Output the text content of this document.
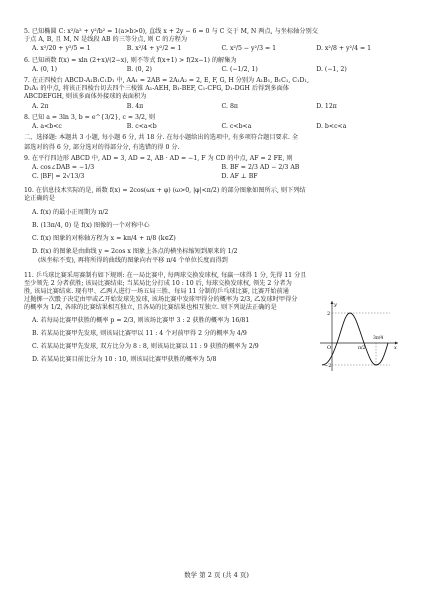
5. 已知椭圆 C: x²/a² + y²/b² = 1(a>b>0), 直线 x + 2y − 6 = 0 与 C 交于 M, N 两点, 与坐标轴分别交
于点 A, B, 且 M, N 是线段 AB 的三等分点, 则 C 的方程为
A. x²/20 + y²/5 = 1	B. x²/4 + y²/2 = 1	C. x²/5 − y²/3 = 1	D. x²/8 + y²/4 = 1
6. 已知函数 f(x) = xln (2+x)/(2−x), 则不等式 f(x+1) > f(2x−1) 的解集为
A. (0, 1)	B. (0, 2)	C. (−1/2, 1)	D. (−1, 2)
7. 在正四棱台 ABCD-A₁B₁C₁D₁ 中, AA₁ = 2AB = 2A₁A₂ = 2, E, F, G, H 分别为 A₁B₁, B₁C₁, C₁D₁,
D₁A₁ 的中点, 将该正四棱台切去四个三棱锥 A₁-AEH, B₁-BEF, C₁-CFG, D₁-DGH 后得到多面体
ABCDEFGH, 则该多面体外接球的表面积为
A. 2π	B. 4π	C. 8π	D. 12π
8. 已知 a = 3ln 3, b = e^{3/2}, c = 3/2, 则
A. a<b<c	B. c<a<b	C. c<b<a	D. b<c<a
二、选择题: 本题共 3 小题, 每小题 6 分, 共 18 分. 在每小题给出的选项中, 有多项符合题目要求. 全
部选对的得 6 分, 部分选对的得部分分, 有选错的得 0 分.
9. 在平行四边形 ABCD 中, AD = 3, AD = 2, AB · AD = −1, F 为 CD 的中点, AF = 2 FE, 则
A. cos∠DAB = −1/3	B. BF = 2/3 AD − 2/3 AB
C. |BF| = 2√13/3	D. AF ⊥ BF
10. 在信息技术实际的是, 函数 f(x) = 2cos(ωx + φ) (ω>0, |φ|<π/2) 的部分图象如图所示, 则下列结
论正确的是
A. f(x) 的最小正周期为 π/2
B. (13π/4, 0) 是 f(x) 图像的一个对称中心
C. f(x) 图象的对称轴方程为 x = kπ/4 + π/8 (k∈Z)
D. f(x) 的图象是由曲线 y = 2cos x 图象上各点的横坐标缩短到原来的 1/2
(纵坐标不变), 再将所得的曲线的图象向右平移 π/4 个单位长度而得到
11. 乒乓球比赛采用赛制有如下规则: 在一局比赛中, 每两球交换发球权, 每赢一球得 1 分, 先得 11 分且
至少领先 2 分者获胜; 该局比赛结束; 当某局比分打成 10 : 10 后, 每球交换发球权, 领先 2 分者为
胜, 该局比赛结束. 现有甲、乙两人进行一场五局三胜、每局 11 分制的乒乓球比赛, 比赛开始前通
过抛掷一次骰子决定由甲或乙开始发球先发球, 该场比赛中发球甲得分的概率为 2/3, 乙发球时甲得分
的概率为 1/2, 各球的比赛结果相互独立, 且各局的比赛结果也相互独立. 则下列说法正确的是
A. 若每局比赛甲获胜的概率 p = 2/3, 则该场比赛甲 3 : 2 获胜的概率为 16/81
B. 若某局比赛甲先发球, 则该局比赛甲以 11 : 4 个对前甲得 2 分的概率为 4/9
C. 若某局比赛甲先发球, 双方比分为 8 : 8, 则该局比赛以 11 : 9 获胜的概率为 2/9
D. 若某局比赛目前比分为 10 : 10, 则该局比赛甲获胜的概率为 5/8
y
O	x
2
π/2
3π/4
−2
数学 第 2 页 (共 4 页)
